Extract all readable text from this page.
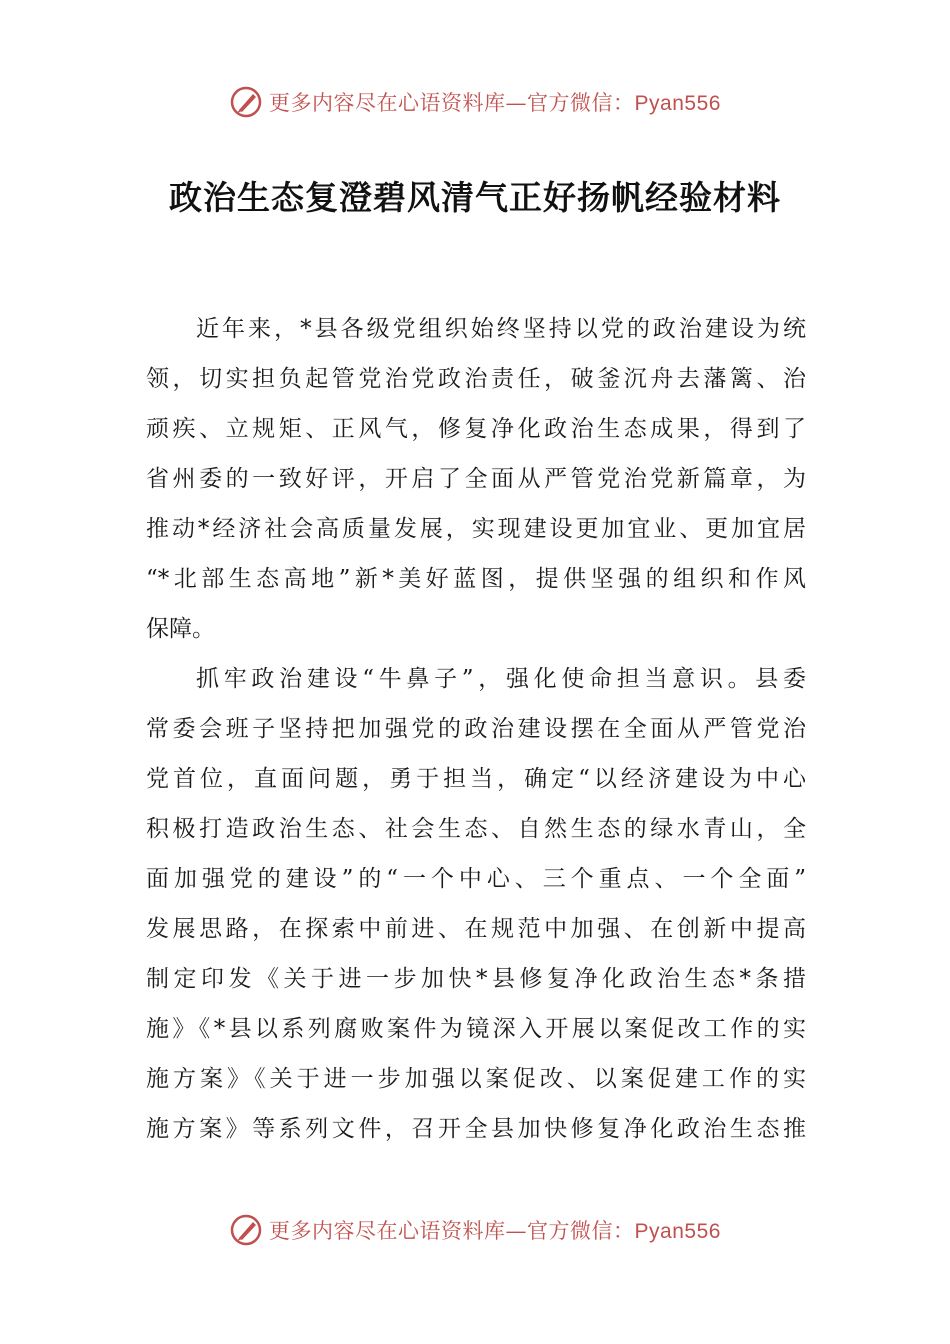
更多内容尽在心语资料库—官方微信：Pyan556
政治生态复澄碧风清气正好扬帆经验材料
近年来，*县各级党组织始终坚持以党的政治建设为统
领，切实担负起管党治党政治责任，破釜沉舟去藩篱、治
顽疾、立规矩、正风气，修复净化政治生态成果，得到了
省州委的一致好评，开启了全面从严管党治党新篇章，为
推动*经济社会高质量发展，实现建设更加宜业、更加宜居
“*北部生态高地”新*美好蓝图，提供坚强的组织和作风
保障。
抓牢政治建设“牛鼻子”，强化使命担当意识。县委
常委会班子坚持把加强党的政治建设摆在全面从严管党治
党首位，直面问题，勇于担当，确定“以经济建设为中心
积极打造政治生态、社会生态、自然生态的绿水青山，全
面加强党的建设”的“一个中心、三个重点、一个全面”
发展思路，在探索中前进、在规范中加强、在创新中提高
制定印发《关于进一步加快*县修复净化政治生态*条措
施》《*县以系列腐败案件为镜深入开展以案促改工作的实
施方案》《关于进一步加强以案促改、以案促建工作的实
施方案》等系列文件，召开全县加快修复净化政治生态推
更多内容尽在心语资料库—官方微信：Pyan556
